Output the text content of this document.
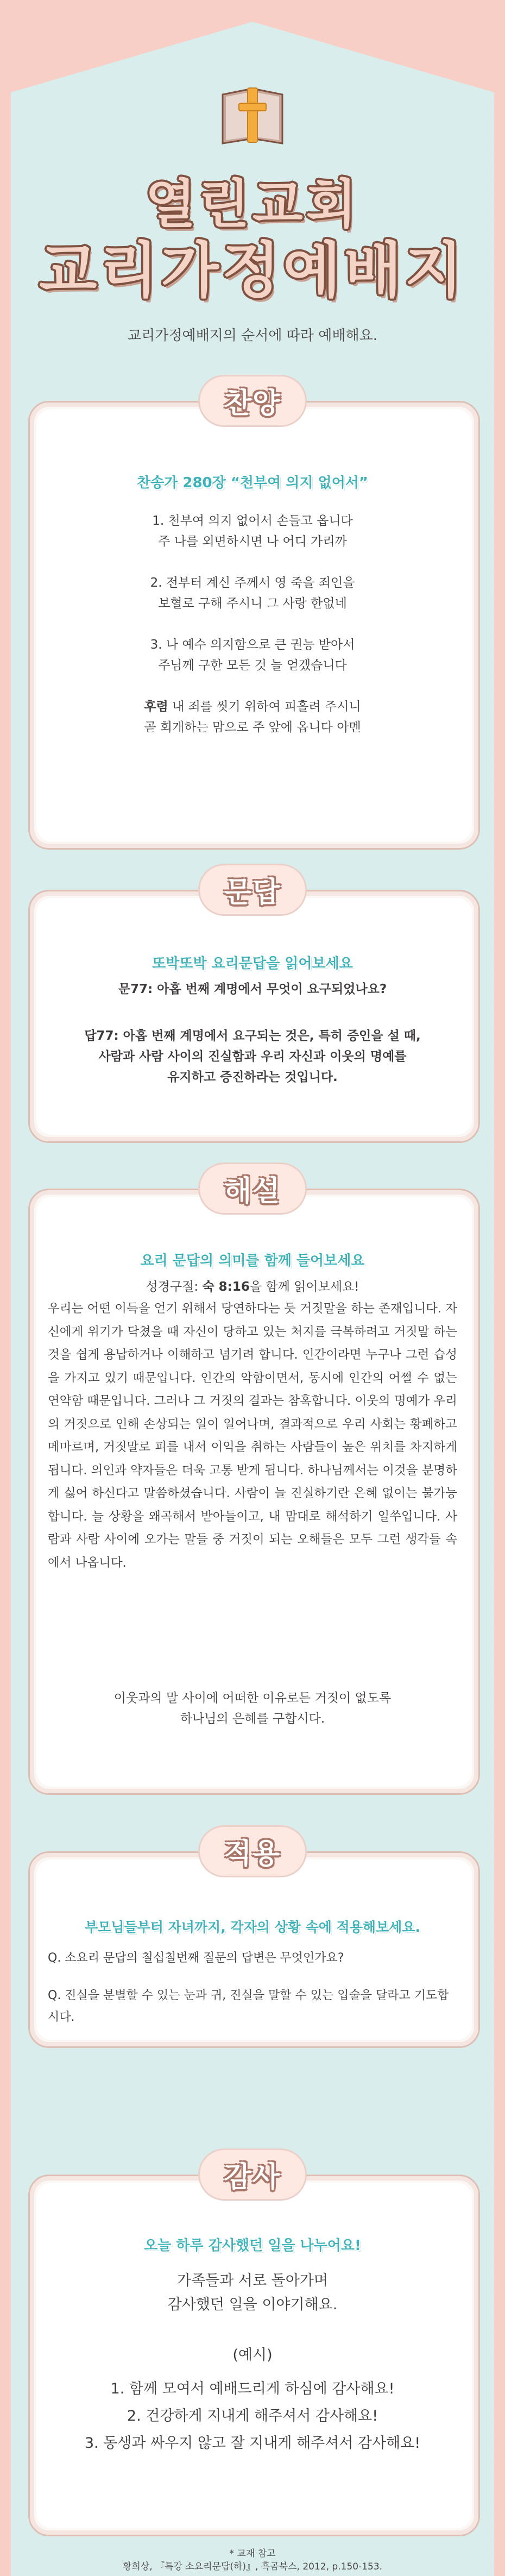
열린교회
교리가정예배지
교리가정예배지의 순서에 따라 예배해요.
찬양
찬송가 280장 “천부여 의지 없어서”

1. 천부여 의지 없어서 손들고 옵니다
주 나를 외면하시면 나 어디 가리까

2. 전부터 계신 주께서 영 죽을 죄인을
보혈로 구해 주시니 그 사랑 한없네

3. 나 예수 의지함으로 큰 권능 받아서
주님께 구한 모든 것 늘 얻겠습니다

후렴 내 죄를 씻기 위하여 피흘려 주시니
곧 회개하는 맘으로 주 앞에 옵니다 아멘

문답
또박또박 요리문답을 읽어보세요
문77: 아홉 번째 계명에서 무엇이 요구되었나요?
답77: 아홉 번째 계명에서 요구되는 것은, 특히 증인을 설 때,
사람과 사람 사이의 진실함과 우리 자신과 이웃의 명예를
유지하고 증진하라는 것입니다.
해설
요리 문답의 의미를 함께 들어보세요
성경구절: 숙 8:16을 함께 읽어보세요!

우리는 어떤 이득을 얻기 위해서 당연하다는 듯 거짓말을 하는 존재입니다. 자신에게 위기가 닥쳤을 때 자신이 당하고 있는 처지를 극복하려고 거짓말 하는 것을 쉽게 용납하거나 이해하고 넘기려 합니다. 인간이라면 누구나 그런 습성을 가지고 있기 때문입니다. 인간의 악함이면서, 동시에 인간의 어쩔 수 없는 연약함 때문입니다. 그러나 그 거짓의 결과는 참혹합니다. 이웃의 명예가 우리의 거짓으로 인해 손상되는 일이 일어나며, 결과적으로 우리 사회는 황폐하고 메마르며, 거짓말로 피를 내서 이익을 취하는 사람들이 높은 위치를 차지하게 됩니다. 의인과 약자들은 더욱 고통 받게 됩니다. 하나님께서는 이것을 분명하게 싫어 하신다고 말씀하셨습니다. 사람이 늘 진실하기란 은혜 없이는 불가능합니다. 늘 상황을 왜곡해서 받아들이고, 내 맘대로 해석하기 일쑤입니다. 사람과 사람 사이에 오가는 말들 중 거짓이 되는 오해들은 모두 그런 생각들 속에서 나옵니다.

이웃과의 말 사이에 어떠한 이유로든 거짓이 없도록
하나님의 은혜를 구합시다.
적용
부모님들부터 자녀까지, 각자의 상황 속에 적용해보세요.
Q. 소요리 문답의 칠십칠번째 질문의 답변은 무엇인가요?
Q. 진실을 분별할 수 있는 눈과 귀, 진실을 말할 수 있는 입술을 달라고 기도합시다.
감사
오늘 하루 감사했던 일을 나누어요!
가족들과 서로 돌아가며
감사했던 일을 이야기해요.
(예시)
1. 함께 모여서 예배드리게 하심에 감사해요!
2. 건강하게 지내게 해주셔서 감사해요!
3. 동생과 싸우지 않고 잘 지내게 해주셔서 감사해요!
* 교재 참고
황희상, 『특강 소요리문답(하)』, 흑곰북스, 2012, p.150-153.
